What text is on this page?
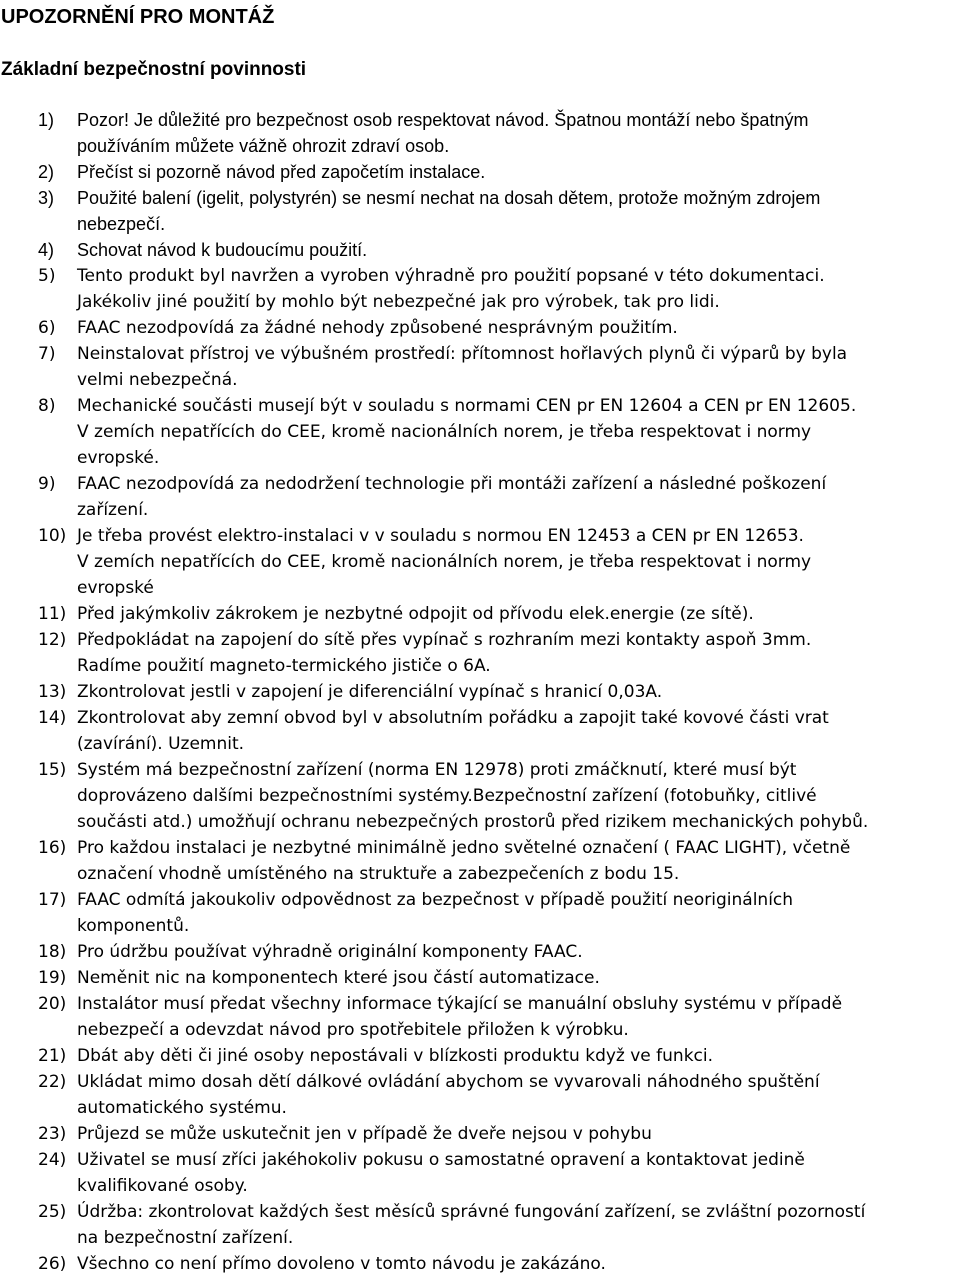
UPOZORNĚNÍ PRO MONTÁŽ
Základní bezpečnostní povinnosti
1)	Pozor! Je důležité pro bezpečnost osob respektovat návod. Špatnou montáží nebo špatným
používáním můžete vážně ohrozit zdraví osob.
2)	Přečíst si pozorně návod před započetím instalace.
3)	Použité balení (igelit, polystyrén) se nesmí nechat na dosah dětem, protože možným zdrojem
nebezpečí.
4)	Schovat návod k budoucímu použití.
5)	Tento produkt byl navržen a vyroben výhradně pro použití popsané v této dokumentaci.
Jakékoliv jiné použití by mohlo být nebezpečné jak pro výrobek, tak pro lidi.
6)	FAAC nezodpovídá za žádné nehody způsobené nesprávným použitím.
7)	Neinstalovat přístroj ve výbušném prostředí: přítomnost hořlavých plynů či výparů by byla
velmi nebezpečná.
8)	Mechanické součásti musejí být v souladu s normami CEN pr EN 12604 a CEN pr EN 12605.
V zemích nepatřících do CEE, kromě nacionálních norem, je třeba respektovat i normy
evropské.
9)	FAAC nezodpovídá za nedodržení technologie při montáži zařízení a následné poškození
zařízení.
10) Je třeba provést elektro-instalaci v v souladu s normou EN 12453 a CEN pr EN 12653.
V zemích nepatřících do CEE, kromě nacionálních norem, je třeba respektovat i normy
evropské
11) Před jakýmkoliv zákrokem je nezbytné odpojit od přívodu elek.energie (ze sítě).
12) Předpokládat na zapojení do sítě přes vypínač s rozhraním mezi kontakty aspoň 3mm.
Radíme použití magneto-termického jističe o 6A.
13) Zkontrolovat jestli v zapojení je diferenciální vypínač s hranicí 0,03A.
14) Zkontrolovat aby zemní obvod byl v absolutním pořádku a zapojit také kovové části vrat
(zavírání). Uzemnit.
15) Systém má bezpečnostní zařízení (norma EN 12978) proti zmáčknutí, které musí být
doprovázeno dalšími bezpečnostními systémy.Bezpečnostní zařízení (fotobuňky, citlivé
součásti atd.) umožňují ochranu nebezpečných prostorů před rizikem mechanických pohybů.
16) Pro každou instalaci je nezbytné minimálně jedno světelné označení ( FAAC LIGHT), včetně
označení vhodně umístěného na struktuře a zabezpečeních z bodu 15.
17) FAAC odmítá jakoukoliv odpovědnost za bezpečnost v případě použití neoriginálních
komponentů.
18) Pro údržbu používat výhradně originální komponenty FAAC.
19) Neměnit nic na komponentech které jsou částí automatizace.
20) Instalátor musí předat všechny informace týkající se manuální obsluhy systému v případě
nebezpečí a odevzdat návod pro spotřebitele přiložen k výrobku.
21) Dbát aby děti či jiné osoby nepostávali v blízkosti produktu když ve funkci.
22) Ukládat mimo dosah dětí dálkové ovládání abychom se vyvarovali náhodného spuštění
automatického systému.
23) Průjezd se může uskutečnit jen v případě že dveře nejsou v pohybu
24) Uživatel se musí zříci jakéhokoliv pokusu o samostatné opravení a kontaktovat jedině
kvalifikované osoby.
25) Údržba: zkontrolovat každých šest měsíců správné fungování zařízení, se zvláštní pozorností
na bezpečnostní zařízení.
26) Všechno co není přímo dovoleno v tomto návodu je zakázáno.
